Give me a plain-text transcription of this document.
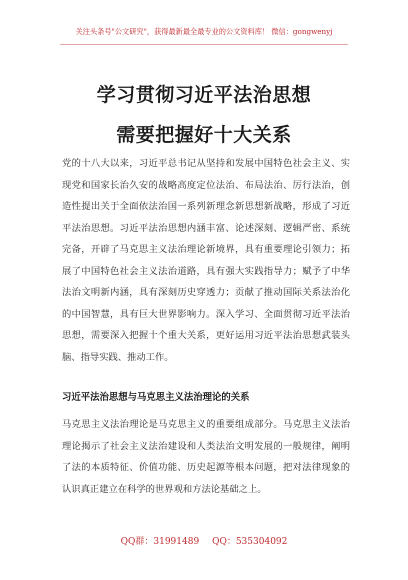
关注头条号"公文研究"，获得最新最全最专业的公文资料库！ 微信：gongwenyj
学习贯彻习近平法治思想
需要把握好十大关系

党的十八大以来，习近平总书记从坚持和发展中国特色社会主义、实现党和国家长治久安的战略高度定位法治、布局法治、厉行法治，创造性提出关于全面依法治国一系列新理念新思想新战略，形成了习近平法治思想。习近平法治思想内涵丰富、论述深刻、逻辑严密、系统完备，开辟了马克思主义法治理论新境界，具有重要理论引领力；拓展了中国特色社会主义法治道路，具有强大实践指导力；赋予了中华法治文明新内涵，具有深刻历史穿透力；贡献了推动国际关系法治化的中国智慧，具有巨大世界影响力。深入学习、全面贯彻习近平法治思想，需要深入把握十个重大关系，更好运用习近平法治思想武装头脑、指导实践、推动工作。

习近平法治思想与马克思主义法治理论的关系

马克思主义法治理论是马克思主义的重要组成部分。马克思主义法治理论揭示了社会主义法治建设和人类法治文明发展的一般规律，阐明了法的本质特征、价值功能、历史起源等根本问题，把对法律现象的认识真正建立在科学的世界观和方法论基础之上。

QQ群：31991489 QQ：535304092
